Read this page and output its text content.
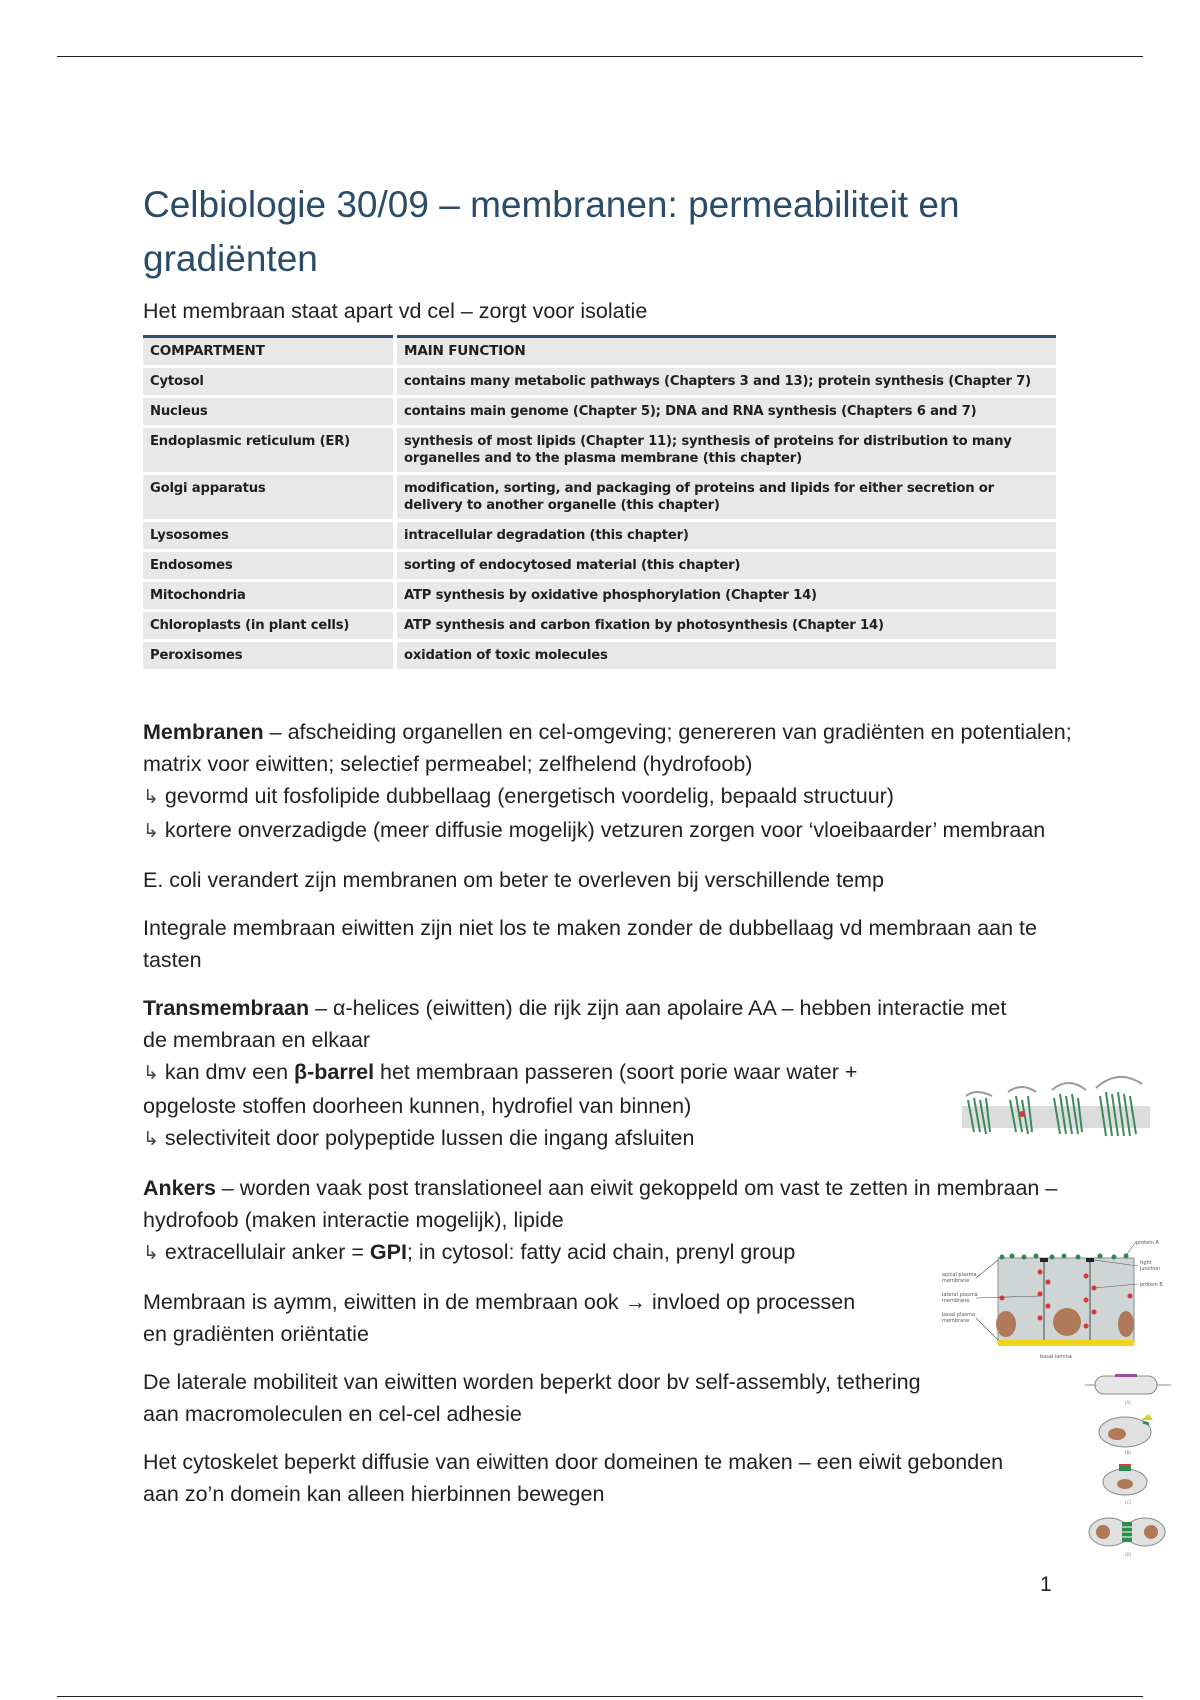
Celbiologie 30/09 – membranen: permeabiliteit en gradiënten

Het membraan staat apart vd cel – zorgt voor isolatie

COMPARTMENT	MAIN FUNCTION
Cytosol	contains many metabolic pathways (Chapters 3 and 13); protein synthesis (Chapter 7)
Nucleus	contains main genome (Chapter 5); DNA and RNA synthesis (Chapters 6 and 7)
Endoplasmic reticulum (ER)	synthesis of most lipids (Chapter 11); synthesis of proteins for distribution to many organelles and to the plasma membrane (this chapter)
Golgi apparatus	modification, sorting, and packaging of proteins and lipids for either secretion or delivery to another organelle (this chapter)
Lysosomes	intracellular degradation (this chapter)
Endosomes	sorting of endocytosed material (this chapter)
Mitochondria	ATP synthesis by oxidative phosphorylation (Chapter 14)
Chloroplasts (in plant cells)	ATP synthesis and carbon fixation by photosynthesis (Chapter 14)
Peroxisomes	oxidation of toxic molecules

Membranen – afscheiding organellen en cel-omgeving; genereren van gradiënten en potentialen; matrix voor eiwitten; selectief permeabel; zelfhelend (hydrofoob)
↳ gevormd uit fosfolipide dubbellaag (energetisch voordelig, bepaald structuur)
↳ kortere onverzadigde (meer diffusie mogelijk) vetzuren zorgen voor ‘vloeibaarder’ membraan

E. coli verandert zijn membranen om beter te overleven bij verschillende temp

Integrale membraan eiwitten zijn niet los te maken zonder de dubbellaag vd membraan aan te tasten

Transmembraan – α-helices (eiwitten) die rijk zijn aan apolaire AA – hebben interactie met de membraan en elkaar
↳ kan dmv een β-barrel het membraan passeren (soort porie waar water + opgeloste stoffen doorheen kunnen, hydrofiel van binnen)
↳ selectiviteit door polypeptide lussen die ingang afsluiten

Ankers – worden vaak post translationeel aan eiwit gekoppeld om vast te zetten in membraan – hydrofoob (maken interactie mogelijk), lipide
↳ extracellulair anker = GPI; in cytosol: fatty acid chain, prenyl group

Membraan is aymm, eiwitten in de membraan ook → invloed op processen en gradiënten oriëntatie

De laterale mobiliteit van eiwitten worden beperkt door bv self-assembly, tethering aan macromoleculen en cel-cel adhesie

Het cytoskelet beperkt diffusie van eiwitten door domeinen te maken – een eiwit gebonden aan zo’n domein kan alleen hierbinnen bewegen

apical plasma
membrane
lateral plasma
membrane
basal plasma
membrane
protein A
tight
junction
protein B
basal lamina
(A)
(B)
(C)
(D)
1
